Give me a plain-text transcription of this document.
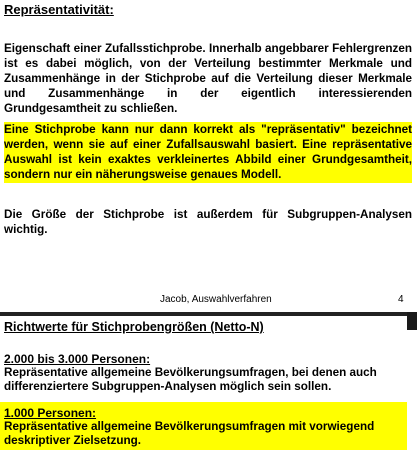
Repräsentativität:

Eigenschaft einer Zufallsstichprobe. Innerhalb angebbarer Fehlergrenzen ist es dabei möglich, von der Verteilung bestimmter Merkmale und Zusammenhänge in der Stichprobe auf die Verteilung dieser Merkmale und Zusammenhänge in der eigentlich interessierenden Grundgesamtheit zu schließen.

Eine Stichprobe kann nur dann korrekt als "repräsentativ" bezeichnet werden, wenn sie auf einer Zufallsauswahl basiert. Eine repräsentative Auswahl ist kein exaktes verkleinertes Abbild einer Grundgesamtheit, sondern nur ein näherungsweise genaues Modell.

Die Größe der Stichprobe ist außerdem für Subgruppen-Analysen wichtig.

Jacob, Auswahlverfahren	4
Richtwerte für Stichprobengrößen (Netto-N)
2.000 bis 3.000 Personen:

Repräsentative allgemeine Bevölkerungsumfragen, bei denen auch differenziertere Subgruppen-Analysen möglich sein sollen.

1.000 Personen:

Repräsentative allgemeine Bevölkerungsumfragen mit vorwiegend deskriptiver Zielsetzung.
